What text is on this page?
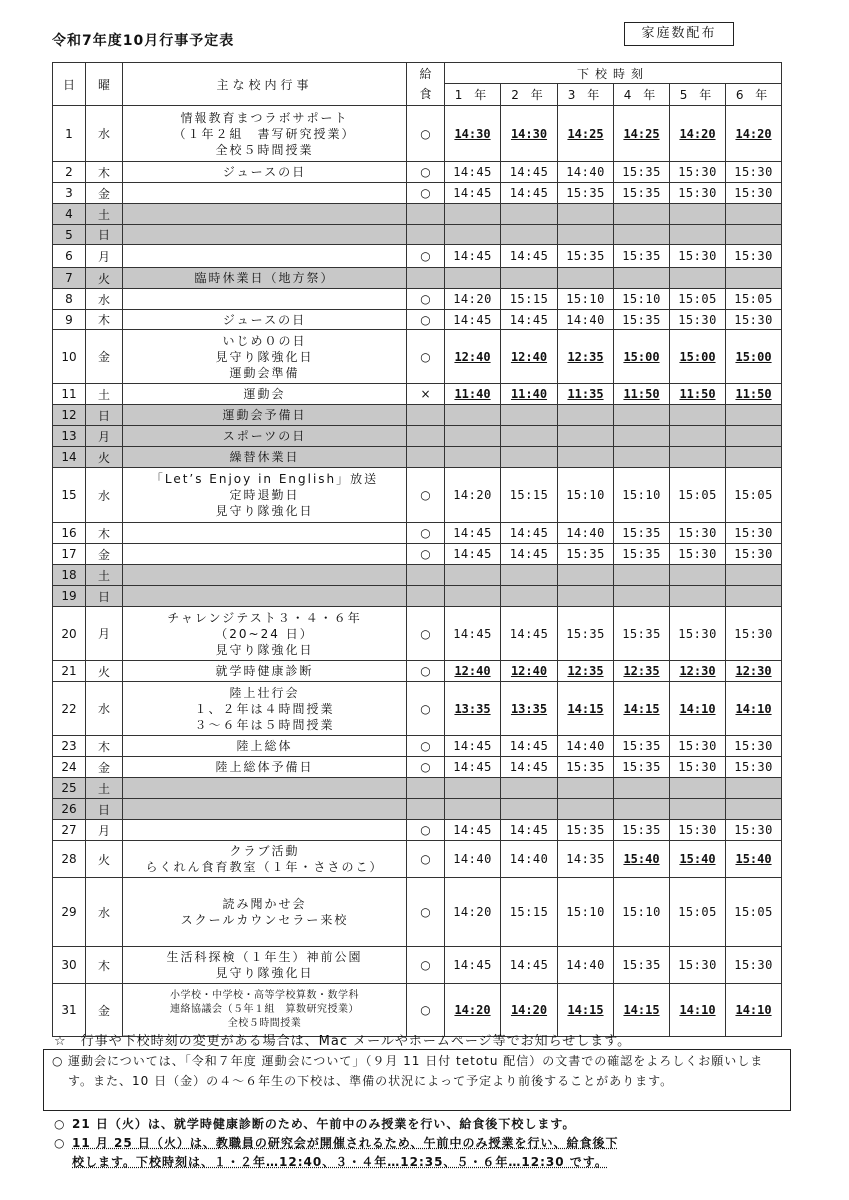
令和7年度10月行事予定表	家庭数配布
日	曜	主な校内行事	給食	下校時刻					
				1 年	2 年	3 年	4 年	5 年	6 年
1	水	情報教育まつラボサポート
（１年２組　書写研究授業）
全校５時間授業	○	14:30	14:30	14:25	14:25	14:20	14:20
2	木	ジュースの日	○	14:45	14:45	14:40	15:35	15:30	15:30
3	金		○	14:45	14:45	15:35	15:35	15:30	15:30
4	土								
5	日								
6	月		○	14:45	14:45	15:35	15:35	15:30	15:30
7	火	臨時休業日（地方祭）							

8	水		○	14:20	15:15	15:10	15:10	15:05	15:05
9	木	ジュースの日	○	14:45	14:45	14:40	15:35	15:30	15:30
10	金	いじめ０の日
見守り隊強化日
運動会準備	○	12:40	12:40	12:35	15:00	15:00	15:00
11	土	運動会	×	11:40	11:40	11:35	11:50	11:50	11:50
12	日	運動会予備日							

13	月	スポーツの日							

14	火	繰替休業日							

15	水	「Let’s Enjoy in English」放送
定時退勤日
見守り隊強化日	○	14:20	15:15	15:10	15:10	15:05	15:05
16	木		○	14:45	14:45	14:40	15:35	15:30	15:30
17	金		○	14:45	14:45	15:35	15:35	15:30	15:30
18	土								
19	日								
20	月	チャレンジテスト３・４・６年
（20~24 日）
見守り隊強化日	○	14:45	14:45	15:35	15:35	15:30	15:30
21	火	就学時健康診断	○	12:40	12:40	12:35	12:35	12:30	12:30
22	水	陸上壮行会
１、２年は４時間授業
３～６年は５時間授業	○	13:35	13:35	14:15	14:15	14:10	14:10
23	木	陸上総体	○	14:45	14:45	14:40	15:35	15:30	15:30
24	金	陸上総体予備日	○	14:45	14:45	15:35	15:35	15:30	15:30
25	土								
26	日								
27	月		○	14:45	14:45	15:35	15:35	15:30	15:30
28	火	クラブ活動
らくれん食育教室（１年・ささのこ）	○	14:40	14:40	14:35	15:40	15:40	15:40
29	水	読み聞かせ会
スクールカウンセラー来校	○	14:20	15:15	15:10	15:10	15:05	15:05
30	木	生活科探検（１年生）神前公園
見守り隊強化日	○	14:45	14:45	14:40	15:35	15:30	15:30
31	金	小学校・中学校・高等学校算数・数学科
連絡協議会（５年１組　算数研究授業）
全校５時間授業	○	14:20	14:20	14:15	14:15	14:10	14:10
☆　 行事や下校時刻の変更がある場合は、Mac メールやホームページ等でお知らせします。
○ 運動会については、「令和７年度 運動会について」（９月 11 日付 tetotu 配信）の文書での確認をよろしくお願いします。また、10 日（金）の４～６年生の下校は、準備の状況によって予定より前後することがあります。
○ 21 日（火）は、就学時健康診断のため、午前中のみ授業を行い、給食後下校します。
○ 11 月 25 日（火）は、教職員の研究会が開催されるため、午前中のみ授業を行い、給食後下
校します。下校時刻は、１・２年…12:40、３・４年…12:35、５・６年…12:30 です。
